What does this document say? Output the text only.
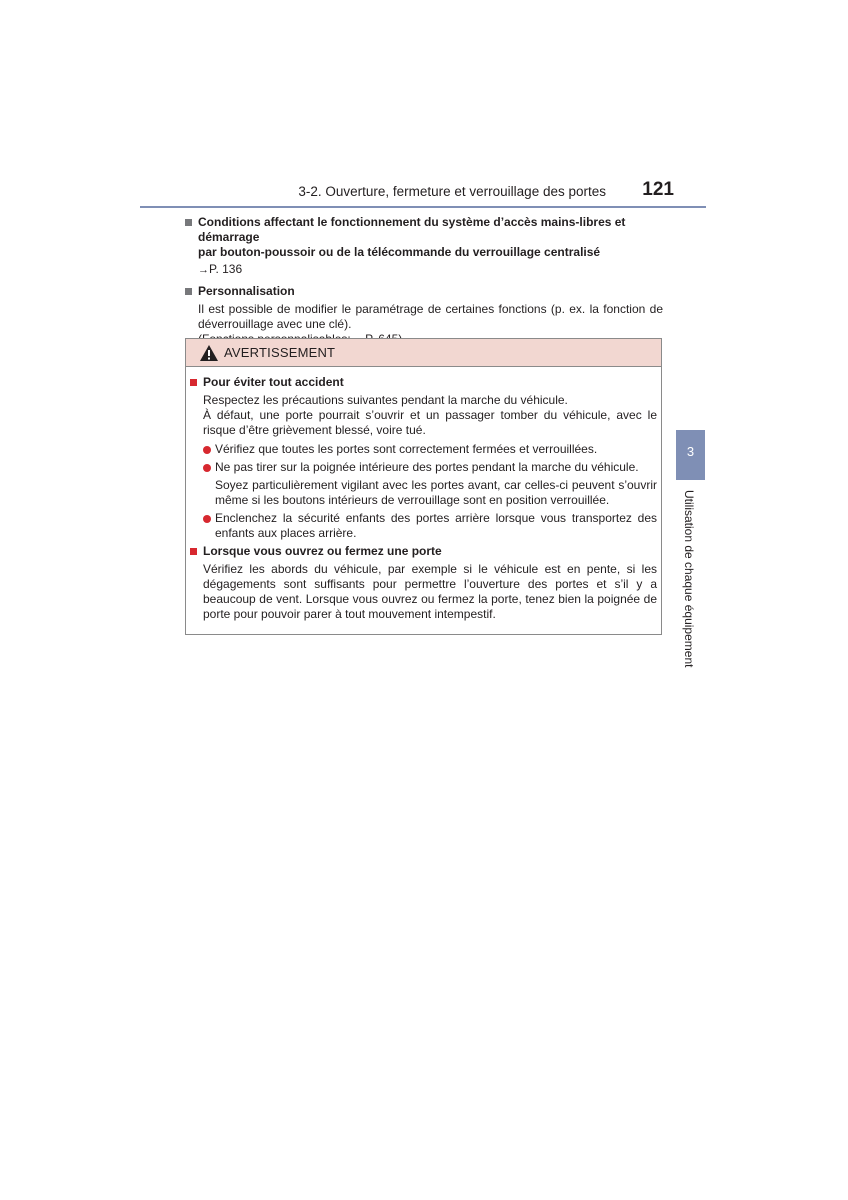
3-2. Ouverture, fermeture et verrouillage des portes 121
Conditions affectant le fonctionnement du système d’accès mains-libres et démarrage
par bouton-poussoir ou de la télécommande du verrouillage centralisé
→P. 136
Personnalisation
Il est possible de modifier le paramétrage de certaines fonctions (p. ex. la fonction de déverrouillage avec une clé).
AVERTISSEMENT
Pour éviter tout accident
Respectez les précautions suivantes pendant la marche du véhicule.
À défaut, une porte pourrait s’ouvrir et un passager tomber du véhicule, avec le risque d’être grièvement blessé, voire tué.
Vérifiez que toutes les portes sont correctement fermées et verrouillées.
Ne pas tirer sur la poignée intérieure des portes pendant la marche du véhicule.
Soyez particulièrement vigilant avec les portes avant, car celles-ci peuvent s’ouvrir même si les boutons intérieurs de verrouillage sont en position verrouillée.
Enclenchez la sécurité enfants des portes arrière lorsque vous transportez des enfants aux places arrière.
Lorsque vous ouvrez ou fermez une porte
Vérifiez les abords du véhicule, par exemple si le véhicule est en pente, si les dégagements sont suffisants pour permettre l’ouverture des portes et s’il y a beaucoup de vent. Lorsque vous ouvrez ou fermez la porte, tenez bien la poignée de porte pour pouvoir parer à tout mouvement intempestif.
3
Utilisation de chaque équipement
